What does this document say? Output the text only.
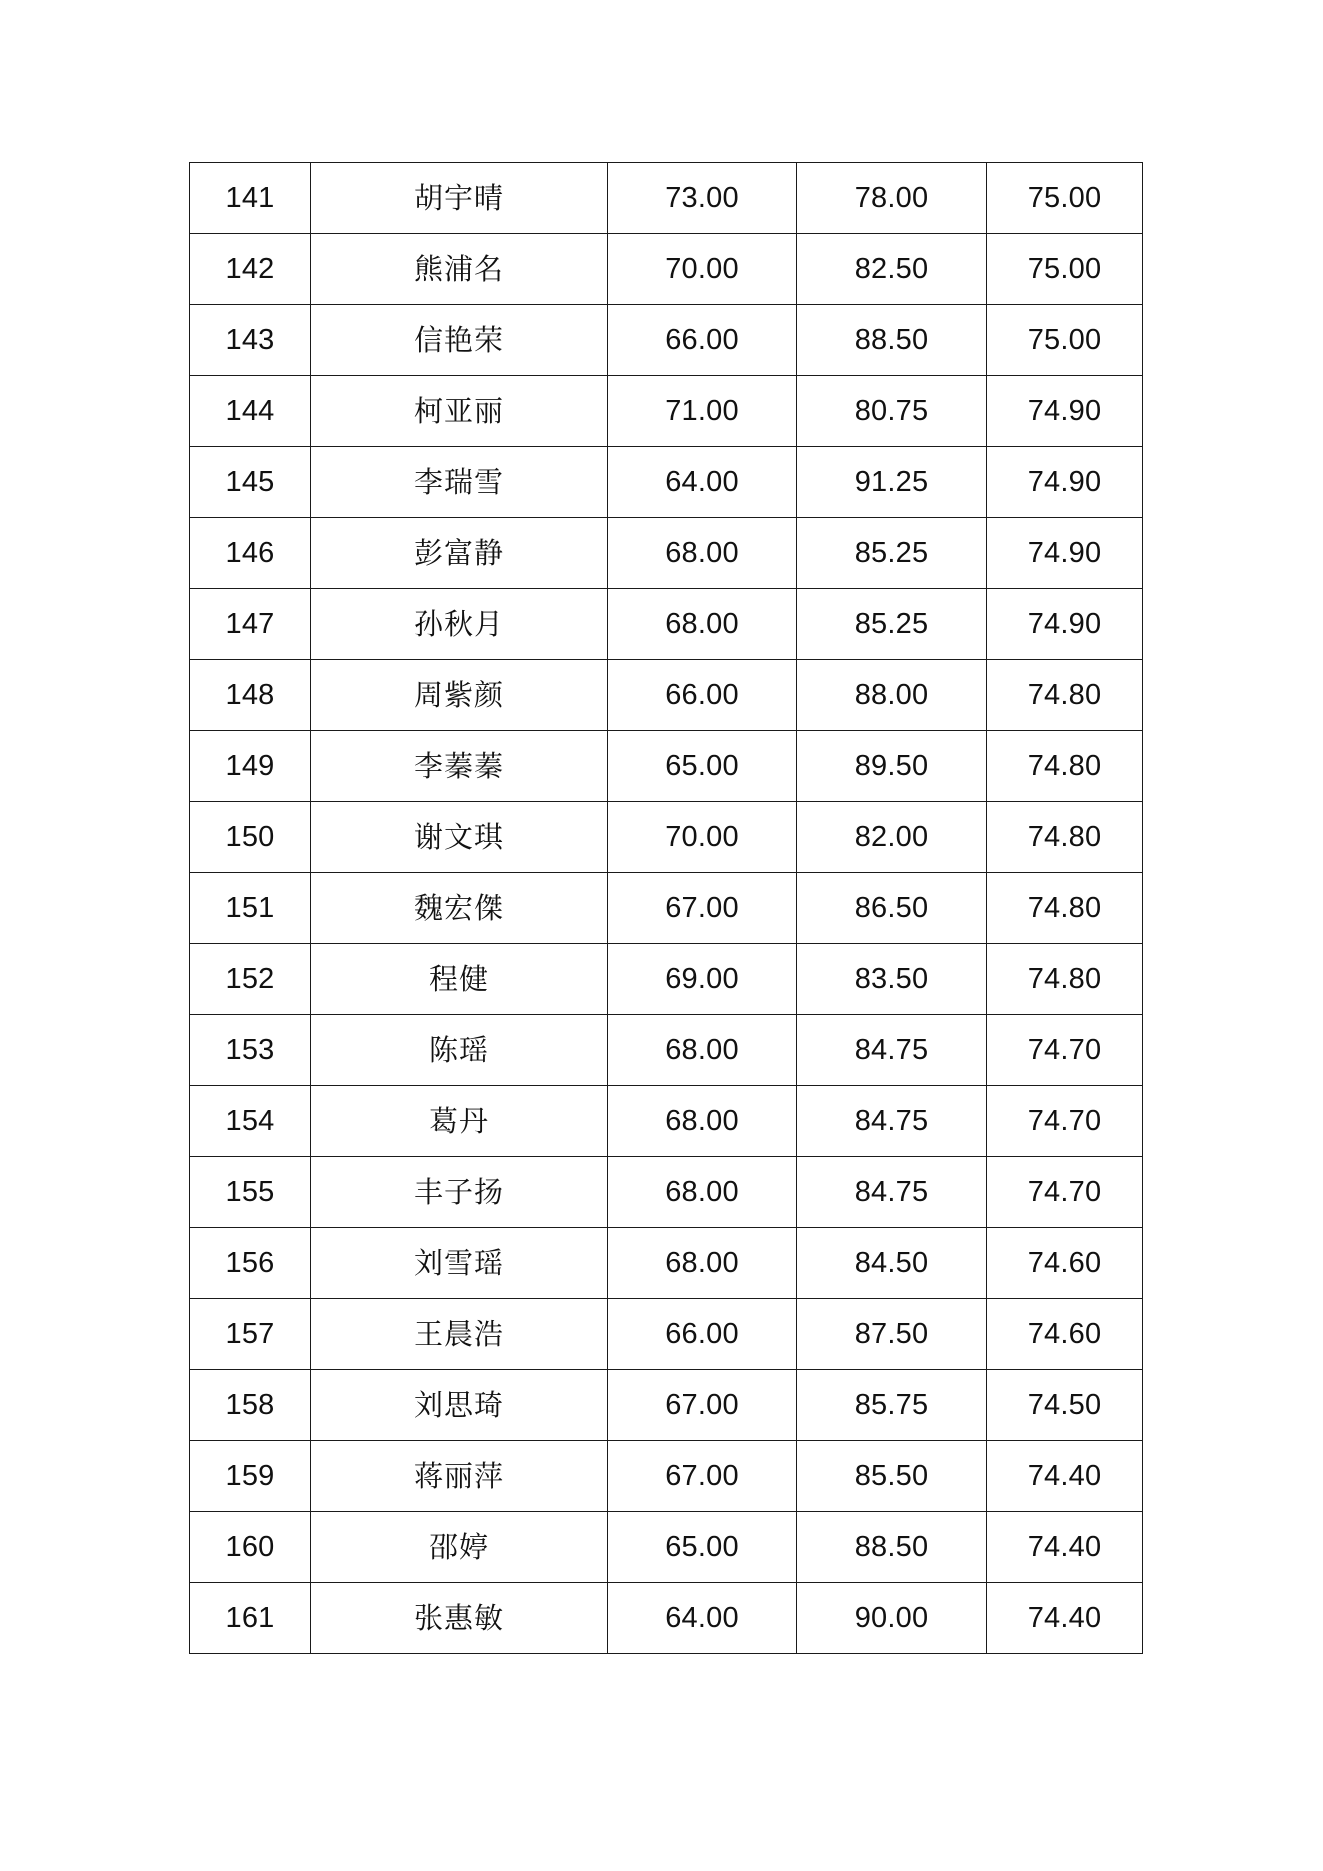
141	胡宇晴	73.00	78.00	75.00
142	熊浦名	70.00	82.50	75.00
143	信艳荣	66.00	88.50	75.00
144	柯亚丽	71.00	80.75	74.90
145	李瑞雪	64.00	91.25	74.90
146	彭富静	68.00	85.25	74.90
147	孙秋月	68.00	85.25	74.90
148	周紫颜	66.00	88.00	74.80
149	李蓁蓁	65.00	89.50	74.80
150	谢文琪	70.00	82.00	74.80
151	魏宏傑	67.00	86.50	74.80
152	程健	69.00	83.50	74.80
153	陈瑶	68.00	84.75	74.70
154	葛丹	68.00	84.75	74.70
155	丰子扬	68.00	84.75	74.70
156	刘雪瑶	68.00	84.50	74.60
157	王晨浩	66.00	87.50	74.60
158	刘思琦	67.00	85.75	74.50
159	蒋丽萍	67.00	85.50	74.40
160	邵婷	65.00	88.50	74.40
161	张惠敏	64.00	90.00	74.40
